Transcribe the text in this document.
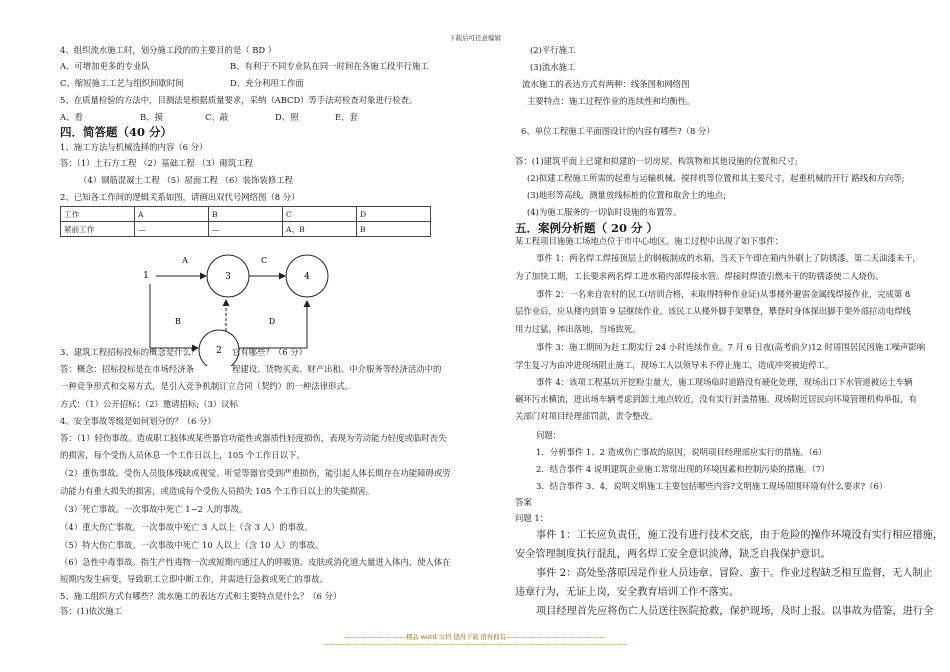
下载后可任意编辑
4、组织流水施工时，划分施工段的的主要目的是（ BD ）
A、可增加更多的专业队	B、有利于不同专业队在同一时间在各施工段平行施工
C、缩短施工工艺与组织间歇时间	D、充分利用工作面
5、在质量检验的方法中，目测法是根据质量要求，采纳（ABCD）等手法对检查对象进行检查。
A、看	B、摸	C、敲	D、照	E、套
四．简答题（40 分）
1、施工方法与机械选择的内容（6 分）
答：（1）土石方工程 （2）基础工程 （3）砌筑工程
（4）钢筋混凝土工程 （5）屋面工程 （6）装饰装修工程
2、已知各工作间的逻辑关系如图，请画出双代号网络图（8 分）
工作	A	B	C	D
紧前工作	—	—	A、B	B
1
A
3
C
4
B
2
D
3、建筑工程招标投标的概念是什么？	它有哪些？（6 分）
答：概念：招标投标是在市场经济条	程建设、货物买卖、财产出租、中介服务等经济活动中的
一种竞争形式和交易方式，是引入竞争机制订立合同（契约）的一种法律形式。
方式：（1）公开招标；（2）邀请招标;（3）议标
4、安全事故等级是如何划分的？（6 分）
答：（1）轻伤事故。造成职工肢体或某些器官功能性或器质性轻度损伤，表现为劳动能力轻度或临时丧失
的损害，每个受伤人员休息一个工作日以上，105 个工作日以下。
（2）重伤事故。受伤人员肢体残缺或视觉、听觉等器官受到严重损伤，能引起人体长期存在功能障碍或劳
动能力有重大损失的损害，或造成每个受伤人员损失 105 个工作日以上的失能损害。
（3）死亡事故。一次事故中死亡 1~2 人的事故。
（4）重大伤亡事故。一次事故中死亡 3 人以上（含 3 人）的事故。
（5）特大伤亡事故。一次事故中死亡 10 人以上（含 10 人）的事故。
（6）急性中毒事故。指生产性毒物一次或短期内通过人的呼吸道、皮肤或消化道大量进入体内，使人体在
短期内发生病变，导致职工立即中断工作，并需进行急救或死亡的事故。
5、施工组织方式有哪些？流水施工的表达方式和主要特点是什么？（6 分）
答：(1)依次施工
(2)平行施工
(3)流水施工
流水施工的表达方式有两种：线条图和网络图
主要特点：施工过程作业的连续性和均衡性。
6、单位工程施工平面图设计的内容有哪些?（8 分）
答：(1)建筑平面上已建和拟建的一切房屋、构筑物和其他设施的位置和尺寸;
(2)拟建工程施工所需的起重与运输机械、搅拌机等位置和其主要尺寸，起重机械的开行 路线和方向等;
(3)地形等高线，测量放线标桩的位置和取舍土的地点;
(4)为施工服务的一切临时设施的布置等。
五．案例分析题（ 20 分 ）
某工程项目施施工场地点位于市中心地区。施工过程中出现了如下事件：
事件 1：两名焊工焊接顶层上的钢板制成的水箱，当天下午即在箱内外刷上了防锈漆。第二天油漆未干，
为了加快工期，工长要求两名焊工进水箱内部焊接水管。焊接时焊渣引燃未干的防锈漆使二人烧伤。
事件 2：一名来自农村的民工(培训合格，未取得特种作业证)从事楼外避雷金属线焊接作业，完成第 8
层作业后，应从楼内到第 9 层继续作业。该民工从楼外脚手架攀登，攀登时身体探出脚手架外部拉动电焊线
用力过猛，摔出落地，当场致死。
事件 3：施工期间为赶工期实行 24 小时连续作业。7 月 6 日夜(高考前夕)12 时周围居民因施工噪声影响
学生复习为由冲进现场阻止施工，现场工人以领导未不停止施工，造成冲突被迫停工。
事件 4：该项工程基坑开挖粉尘量大，施工现场临时道路没有硬化处理，现场出口下水管道被运土车辆
碾坏污水横流，进出场车辆考虑到卸土地点较近，没有实行封盖措施。现场附近居民向环境管理机构举报，有
关部门对项目经理部罚款，责令整改。
问题：
1．分析事件 1、2 造成伤亡事故的原因，说明项目经理部应实行的措施。（6）
2．结合事件 4 说明建筑企业施工常常出现的环境因素和控制污染的措施。（7）
3．结合事件 3、4，说明文明施工主要包括哪些内容?文明施工现场周围环境有什么要求?（6）
答案
问题 1：
事件 1：工长应负责任，施工没有进行技术交底，由于危险的操作环境没有实行相应措施，
安全管理制度执行混乱，两名焊工安全意识淡薄，缺乏自我保护意识。
事件 2：高处坠落原因是作业人员违章、冒险、蛮干。作业过程缺乏相互监督，无人制止
违章行为，无证上岗，安全教育培训工作不落实。
项目经理首先应将伤亡人员送往医院抢救，保护现场，及时上报。以事故为借鉴，进行全
-----------------------------精品 word 文档 值得下载 值得拥有-----------------------------------------------
-----------------------------------------------------------------------------------------------------------------------------------------------
